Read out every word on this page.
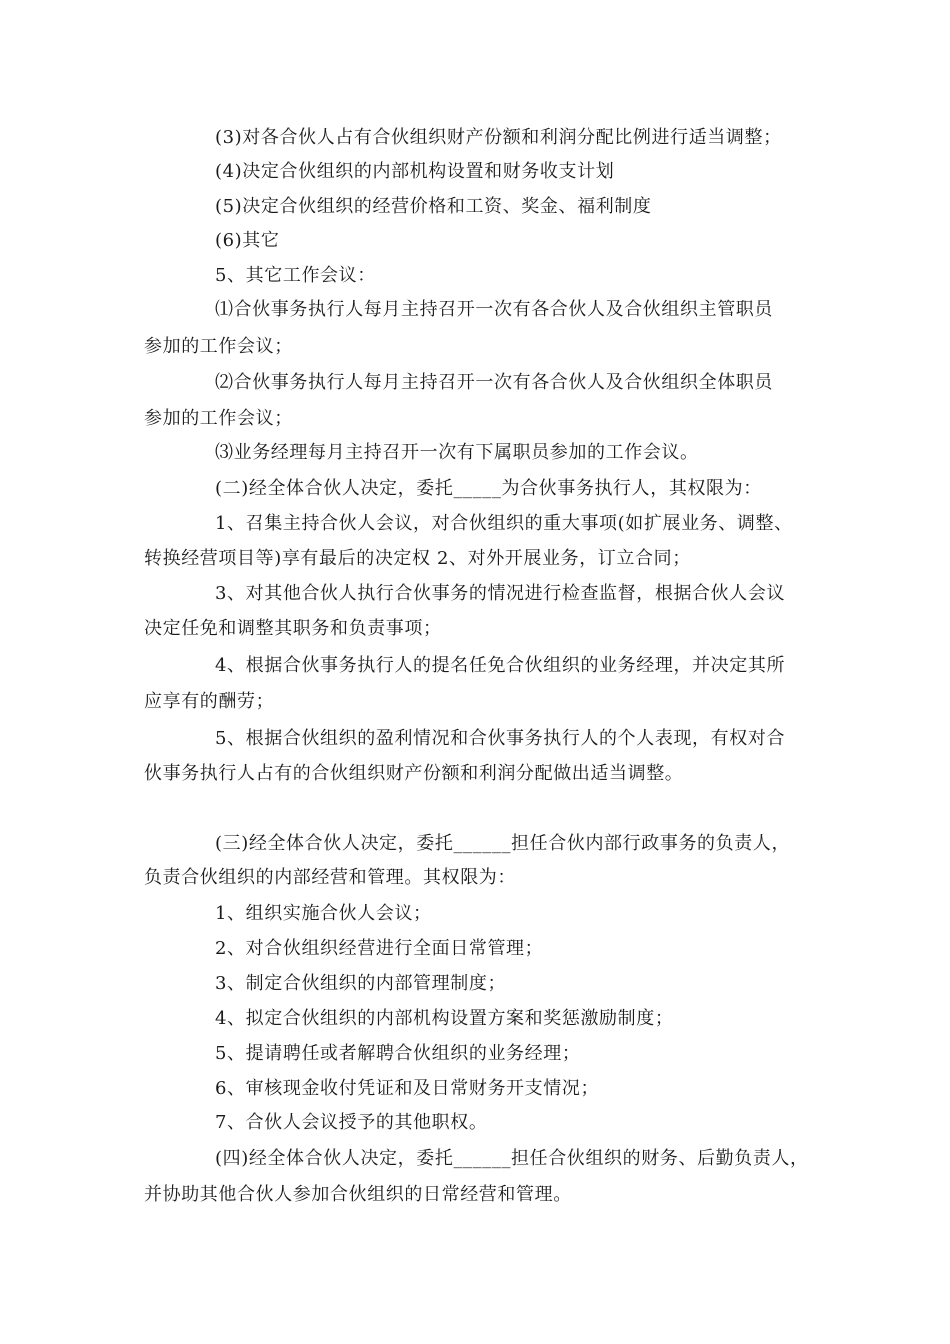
(3)对各合伙人占有合伙组织财产份额和利润分配比例进行适当调整；
(4)决定合伙组织的内部机构设置和财务收支计划
(5)决定合伙组织的经营价格和工资、奖金、福利制度
(6)其它
5、其它工作会议：
⑴合伙事务执行人每月主持召开一次有各合伙人及合伙组织主管职员
参加的工作会议；
⑵合伙事务执行人每月主持召开一次有各合伙人及合伙组织全体职员
参加的工作会议；
⑶业务经理每月主持召开一次有下属职员参加的工作会议。
(二)经全体合伙人决定，委托_____为合伙事务执行人，其权限为：
1、召集主持合伙人会议，对合伙组织的重大事项(如扩展业务、调整、
转换经营项目等)享有最后的决定权 2、对外开展业务，订立合同；
3、对其他合伙人执行合伙事务的情况进行检查监督，根据合伙人会议
决定任免和调整其职务和负责事项；
4、根据合伙事务执行人的提名任免合伙组织的业务经理，并决定其所
应享有的酬劳；
5、根据合伙组织的盈利情况和合伙事务执行人的个人表现，有权对合
伙事务执行人占有的合伙组织财产份额和利润分配做出适当调整。
(三)经全体合伙人决定，委托______担任合伙内部行政事务的负责人，
负责合伙组织的内部经营和管理。其权限为：
1、组织实施合伙人会议；
2、对合伙组织经营进行全面日常管理；
3、制定合伙组织的内部管理制度；
4、拟定合伙组织的内部机构设置方案和奖惩激励制度；
5、提请聘任或者解聘合伙组织的业务经理；
6、审核现金收付凭证和及日常财务开支情况；
7、合伙人会议授予的其他职权。
(四)经全体合伙人决定，委托______担任合伙组织的财务、后勤负责人，
并协助其他合伙人参加合伙组织的日常经营和管理。
